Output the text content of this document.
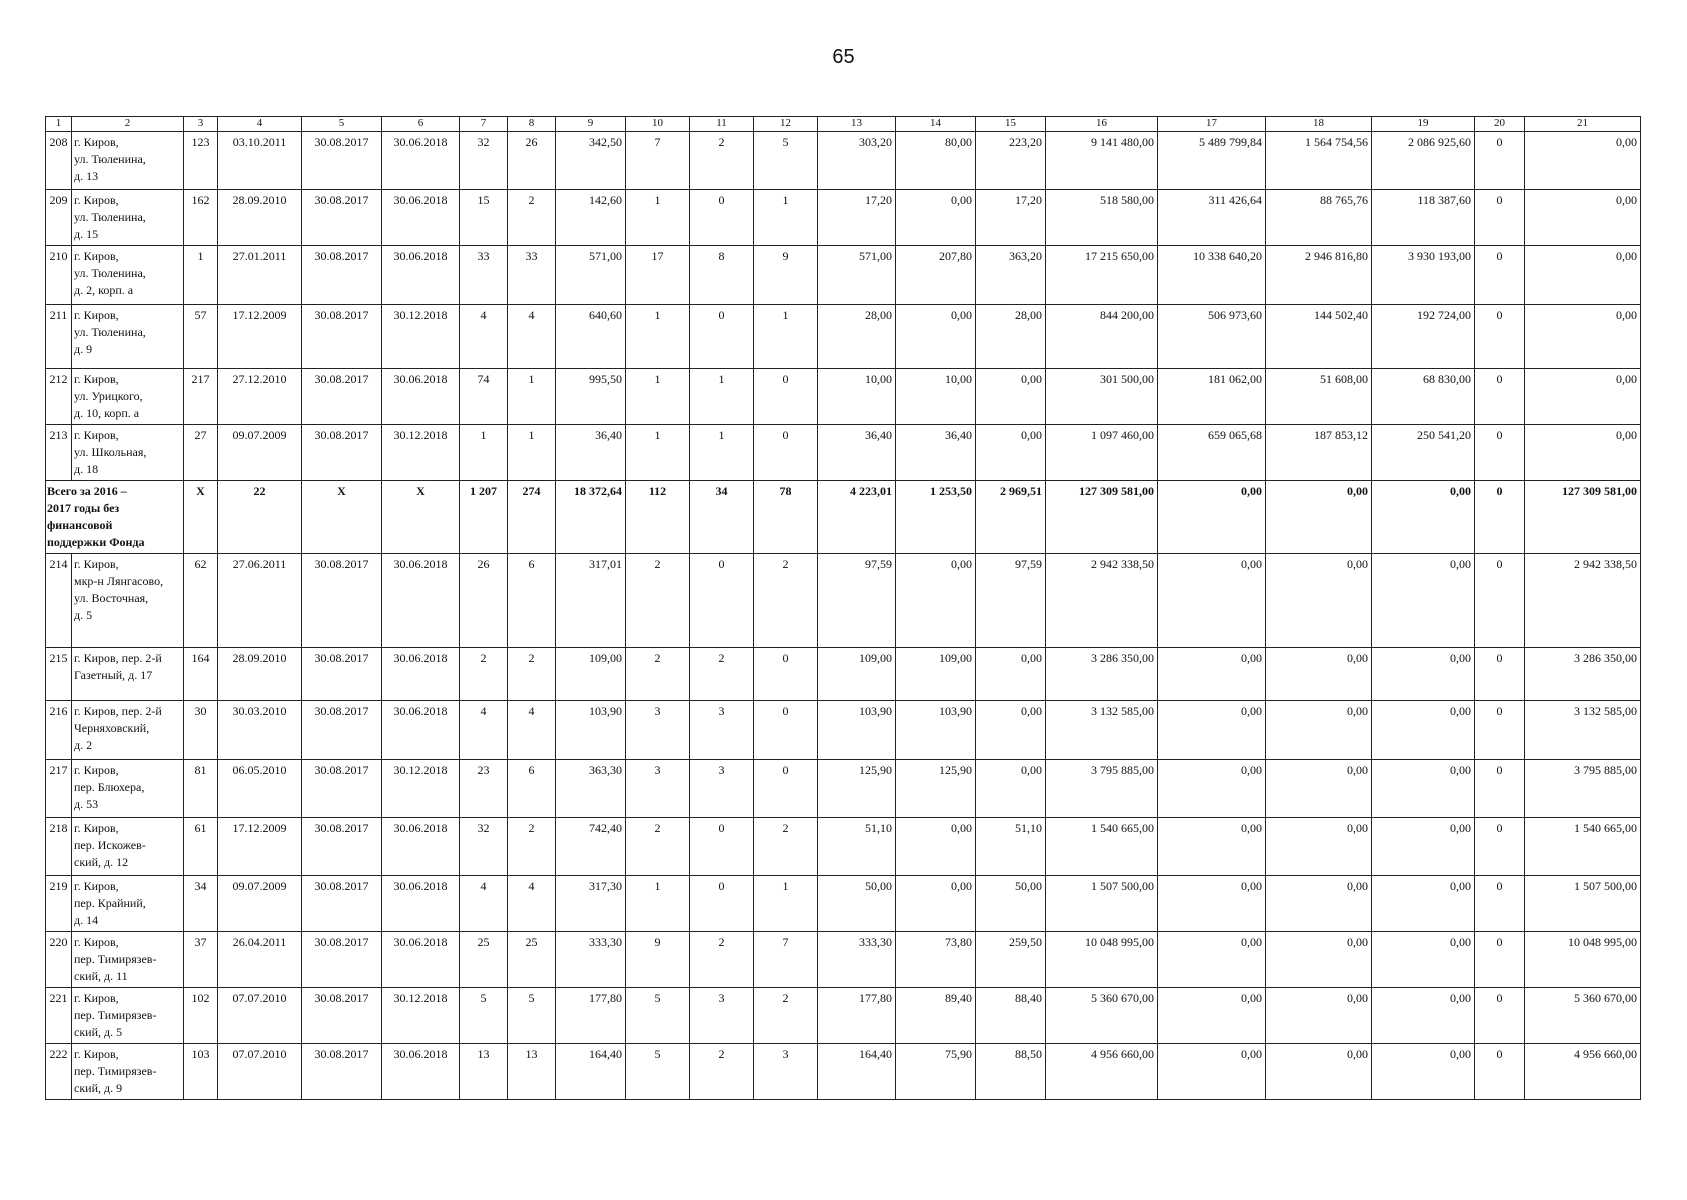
65
1	2	3	4	5	6	7	8	9	10	11	12	13	14	15	16	17	18	19	20	21
208	г. Киров,
ул. Тюленина,
д. 13	123	03.10.2011	30.08.2017	30.06.2018	32	26	342,50	7	2	5	303,20	80,00	223,20	9 141 480,00	5 489 799,84	1 564 754,56	2 086 925,60	0	0,00
209	г. Киров,
ул. Тюленина,
д. 15	162	28.09.2010	30.08.2017	30.06.2018	15	2	142,60	1	0	1	17,20	0,00	17,20	518 580,00	311 426,64	88 765,76	118 387,60	0	0,00
210	г. Киров,
ул. Тюленина,
д. 2, корп. а	1	27.01.2011	30.08.2017	30.06.2018	33	33	571,00	17	8	9	571,00	207,80	363,20	17 215 650,00	10 338 640,20	2 946 816,80	3 930 193,00	0	0,00
211	г. Киров,
ул. Тюленина,
д. 9	57	17.12.2009	30.08.2017	30.12.2018	4	4	640,60	1	0	1	28,00	0,00	28,00	844 200,00	506 973,60	144 502,40	192 724,00	0	0,00
212	г. Киров,
ул. Урицкого,
д. 10, корп. а	217	27.12.2010	30.08.2017	30.06.2018	74	1	995,50	1	1	0	10,00	10,00	0,00	301 500,00	181 062,00	51 608,00	68 830,00	0	0,00
213	г. Киров,
ул. Школьная,
д. 18	27	09.07.2009	30.08.2017	30.12.2018	1	1	36,40	1	1	0	36,40	36,40	0,00	1 097 460,00	659 065,68	187 853,12	250 541,20	0	0,00
Всего за 2016 –
2017 годы без
финансовой
поддержки Фонда		Х	22	Х	Х	1 207	274	18 372,64	112	34	78	4 223,01	1 253,50	2 969,51	127 309 581,00	0,00	0,00	0,00	0	127 309 581,00
214	г. Киров,
мкр-н Лянгасово,
ул. Восточная,
д. 5	62	27.06.2011	30.08.2017	30.06.2018	26	6	317,01	2	0	2	97,59	0,00	97,59	2 942 338,50	0,00	0,00	0,00	0	2 942 338,50
215	г. Киров, пер. 2-й
Газетный, д. 17	164	28.09.2010	30.08.2017	30.06.2018	2	2	109,00	2	2	0	109,00	109,00	0,00	3 286 350,00	0,00	0,00	0,00	0	3 286 350,00
216	г. Киров, пер. 2-й
Черняховский,
д. 2	30	30.03.2010	30.08.2017	30.06.2018	4	4	103,90	3	3	0	103,90	103,90	0,00	3 132 585,00	0,00	0,00	0,00	0	3 132 585,00
217	г. Киров,
пер. Блюхера,
д. 53	81	06.05.2010	30.08.2017	30.12.2018	23	6	363,30	3	3	0	125,90	125,90	0,00	3 795 885,00	0,00	0,00	0,00	0	3 795 885,00
218	г. Киров,
пер. Искожев-
ский, д. 12	61	17.12.2009	30.08.2017	30.06.2018	32	2	742,40	2	0	2	51,10	0,00	51,10	1 540 665,00	0,00	0,00	0,00	0	1 540 665,00
219	г. Киров,
пер. Крайний,
д. 14	34	09.07.2009	30.08.2017	30.06.2018	4	4	317,30	1	0	1	50,00	0,00	50,00	1 507 500,00	0,00	0,00	0,00	0	1 507 500,00
220	г. Киров,
пер. Тимирязев-
ский, д. 11	37	26.04.2011	30.08.2017	30.06.2018	25	25	333,30	9	2	7	333,30	73,80	259,50	10 048 995,00	0,00	0,00	0,00	0	10 048 995,00
221	г. Киров,
пер. Тимирязев-
ский, д. 5	102	07.07.2010	30.08.2017	30.12.2018	5	5	177,80	5	3	2	177,80	89,40	88,40	5 360 670,00	0,00	0,00	0,00	0	5 360 670,00
222	г. Киров,
пер. Тимирязев-
ский, д. 9	103	07.07.2010	30.08.2017	30.06.2018	13	13	164,40	5	2	3	164,40	75,90	88,50	4 956 660,00	0,00	0,00	0,00	0	4 956 660,00
